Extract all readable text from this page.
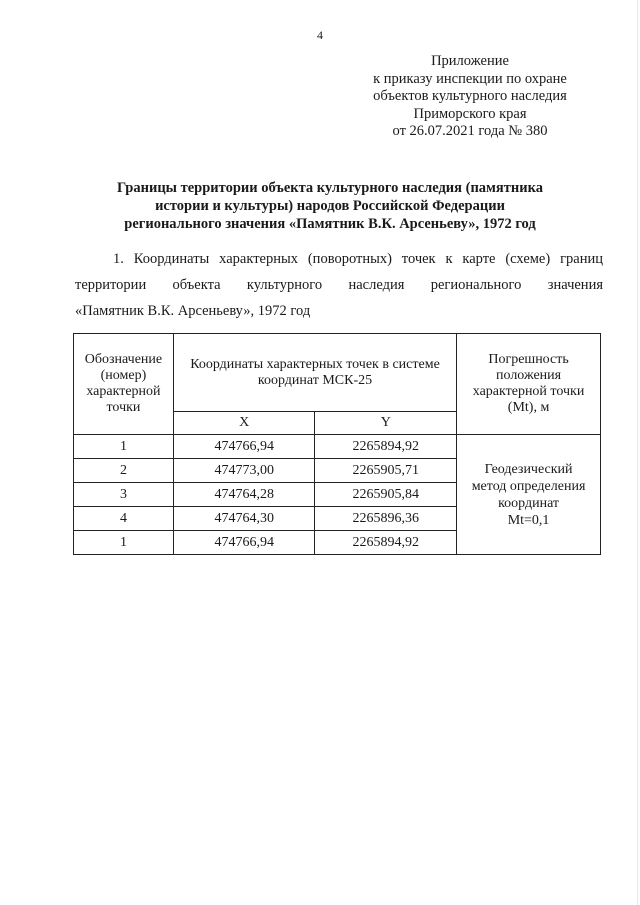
4
Приложение
к приказу инспекции по охране
объектов культурного наследия
Приморского края
от 26.07.2021 года № 380
Границы территории объекта культурного наследия (памятника
истории и культуры) народов Российской Федерации
регионального значения «Памятник В.К. Арсеньеву», 1972 год
1. Координаты характерных (поворотных) точек к карте (схеме) границ
территории объекта культурного наследия регионального значения
«Памятник В.К. Арсеньеву», 1972 год
Обозначение (номер) характерной точки	Координаты характерных точек в системе координат МСК-25		Погрешность положения характерной точки (Mt), м
	X	Y	
1	474766,94	2265894,92	Геодезический
метод определения
координат
Mt=0,1

2	474773,00	2265905,71	
3	474764,28	2265905,84	
4	474764,30	2265896,36	
1	474766,94	2265894,92	
